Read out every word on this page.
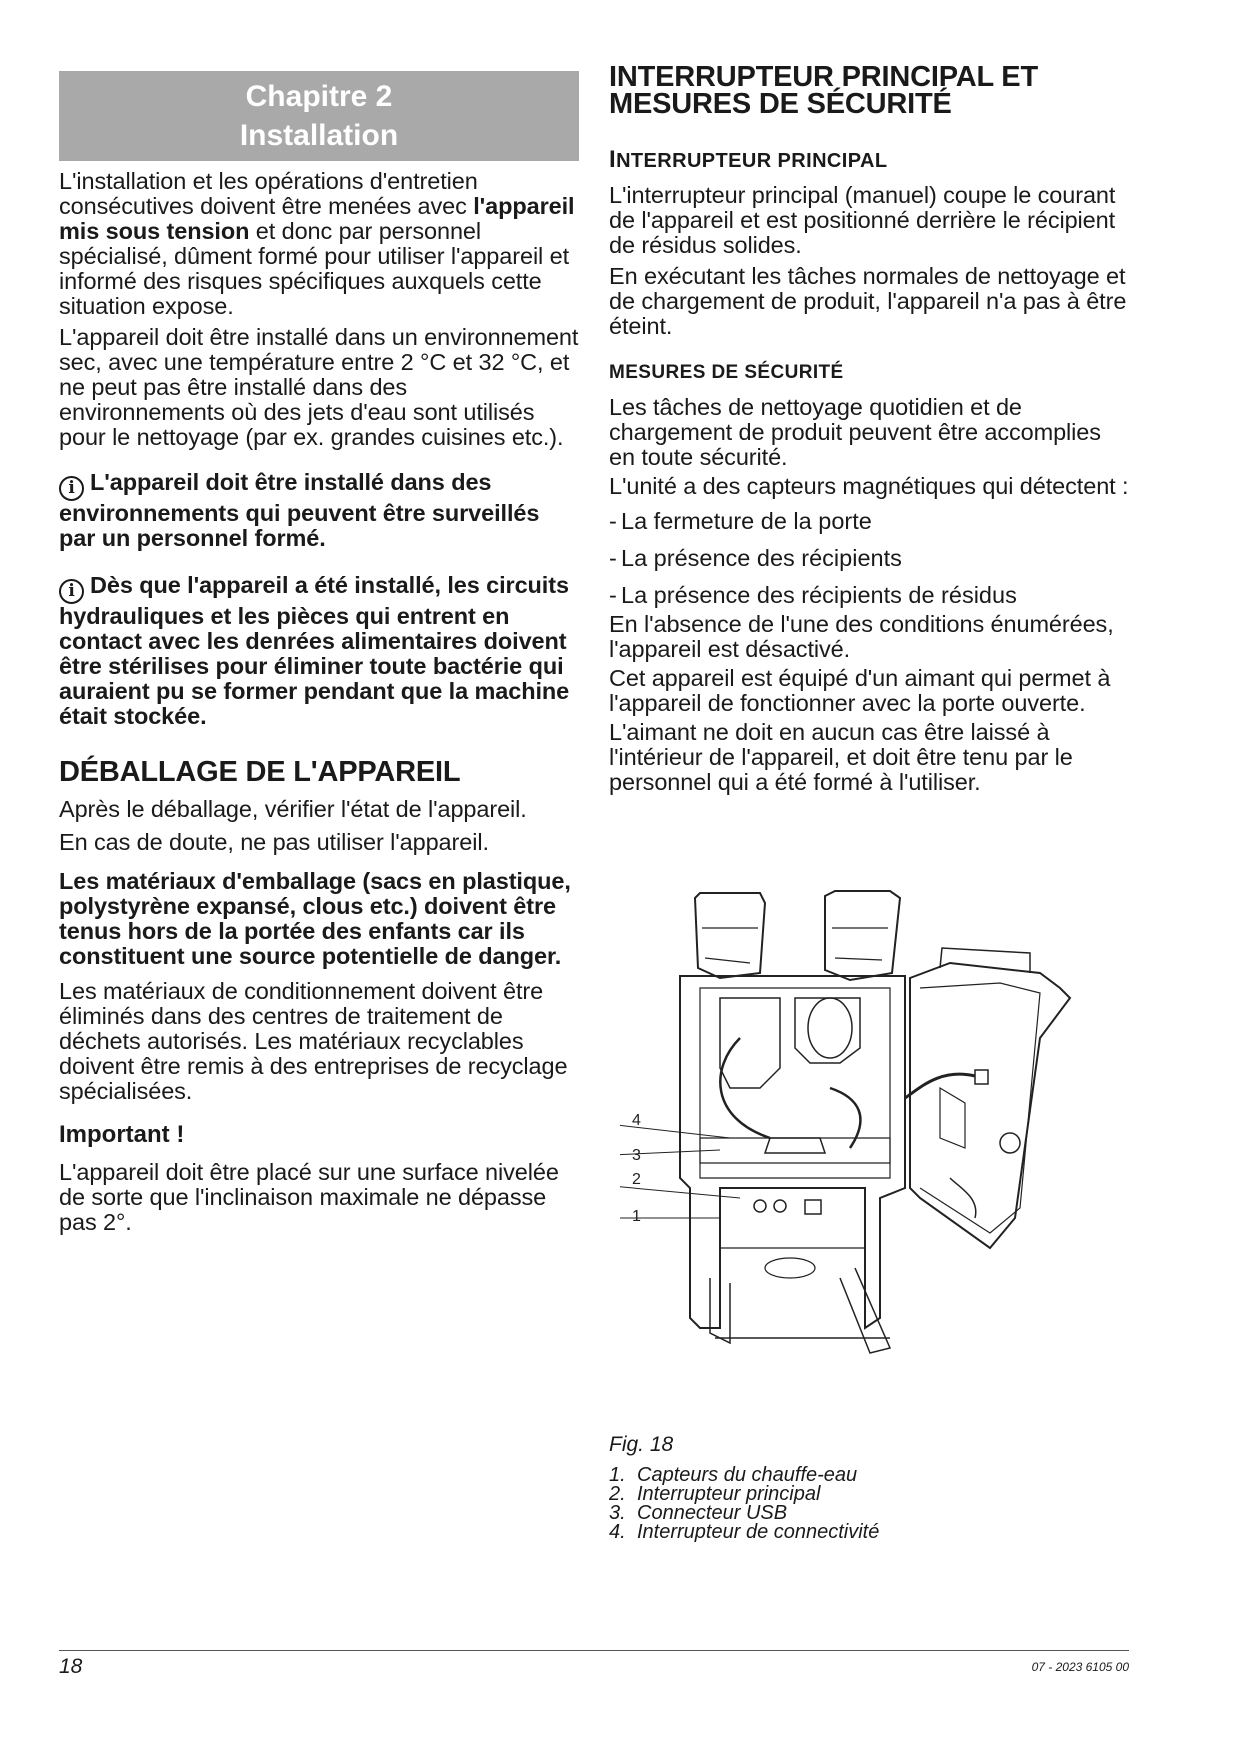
Chapitre 2
Installation

L'installation et les opérations d'entretien consécutives doivent être menées avec l'appareil mis sous tension et donc par personnel spécialisé, dûment formé pour utiliser l'appareil et informé des risques spécifiques auxquels cette situation expose.

L'appareil doit être installé dans un environnement sec, avec une température entre 2 °C et 32 °C, et ne peut pas être installé dans des environnements où des jets d'eau sont utilisés pour le nettoyage (par ex. grandes cuisines etc.).

i L'appareil doit être installé dans des environnements qui peuvent être surveillés par un personnel formé.

i Dès que l'appareil a été installé, les circuits hydrauliques et les pièces qui entrent en contact avec les denrées alimentaires doivent être stérilises pour éliminer toute bactérie qui auraient pu se former pendant que la machine était stockée.

DÉBALLAGE DE L'APPAREIL

Après le déballage, vérifier l'état de l'appareil.

En cas de doute, ne pas utiliser l'appareil.

Les matériaux d'emballage (sacs en plastique, polystyrène expansé, clous etc.) doivent être tenus hors de la portée des enfants car ils constituent une source potentielle de danger.

Les matériaux de conditionnement doivent être éliminés dans des centres de traitement de déchets autorisés. Les matériaux recyclables doivent être remis à des entreprises de recyclage spécialisées.

Important !

L'appareil doit être placé sur une surface nivelée de sorte que l'inclinaison maximale ne dépasse pas 2°.

INTERRUPTEUR PRINCIPAL ET
MESURES DE SÉCURITÉ
INTERRUPTEUR PRINCIPAL

L'interrupteur principal (manuel) coupe le courant de l'appareil et est positionné derrière le récipient de résidus solides.

En exécutant les tâches normales de nettoyage et de chargement de produit, l'appareil n'a pas à être éteint.

MESURES DE SÉCURITÉ

Les tâches de nettoyage quotidien et de chargement de produit peuvent être accomplies en toute sécurité.

L'unité a des capteurs magnétiques qui détectent :

- La fermeture de la porte
- La présence des récipients
- La présence des récipients de résidus

En l'absence de l'une des conditions énumérées, l'appareil est désactivé.

Cet appareil est équipé d'un aimant qui permet à l'appareil de fonctionner avec la porte ouverte.

L'aimant ne doit en aucun cas être laissé à l'intérieur de l'appareil, et doit être tenu par le personnel qui a été formé à l'utiliser.

4
3
2
1
Fig. 18
1. Capteurs du chauffe-eau
2. Interrupteur principal
3. Connecteur USB
4. Interrupteur de connectivité
18	07 - 2023 6105 00
